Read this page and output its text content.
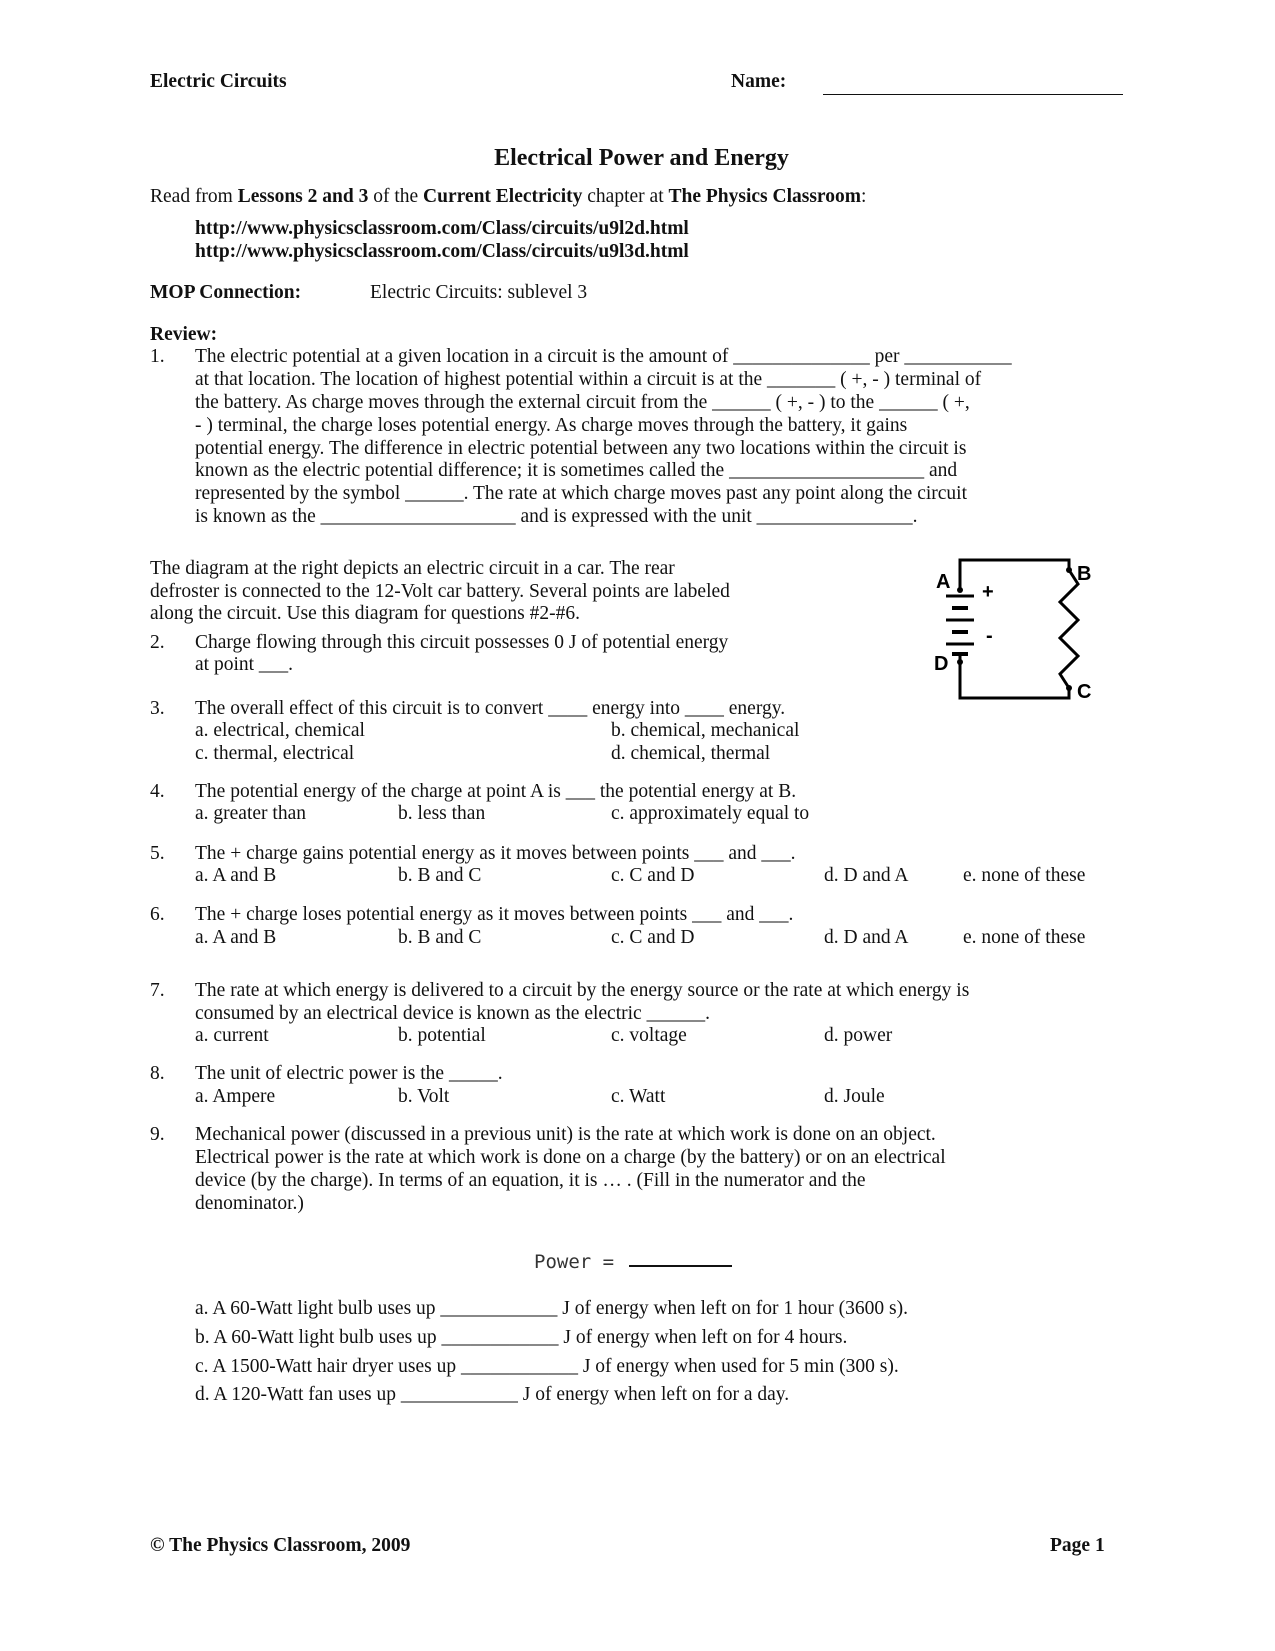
Electric Circuits	Name:
Electrical Power and Energy
Read from Lessons 2 and 3 of the Current Electricity chapter at The Physics Classroom:
http://www.physicsclassroom.com/Class/circuits/u9l2d.html
http://www.physicsclassroom.com/Class/circuits/u9l3d.html
MOP Connection:	Electric Circuits: sublevel 3
Review:
1. The electric potential at a given location in a circuit is the amount of ______________ per ___________
at that location. The location of highest potential within a circuit is at the _______ ( +, - ) terminal of
the battery. As charge moves through the external circuit from the ______ ( +, - ) to the ______ ( +,
- ) terminal, the charge loses potential energy. As charge moves through the battery, it gains
potential energy. The difference in electric potential between any two locations within the circuit is
known as the electric potential difference; it is sometimes called the ____________________ and
represented by the symbol ______. The rate at which charge moves past any point along the circuit
is known as the ____________________ and is expressed with the unit ________________.
The diagram at the right depicts an electric circuit in a car. The rear
defroster is connected to the 12-Volt car battery. Several points are labeled
along the circuit. Use this diagram for questions #2-#6.
A	B
C
D
+
-
2. Charge flowing through this circuit possesses 0 J of potential energy
at point ___.
3. The overall effect of this circuit is to convert ____ energy into ____ energy.
a. electrical, chemical	b. chemical, mechanical
c. thermal, electrical	d. chemical, thermal
4. The potential energy of the charge at point A is ___ the potential energy at B.
a. greater than	b. less than	c. approximately equal to
5. The + charge gains potential energy as it moves between points ___ and ___.
a. A and B	b. B and C	c. C and D	d. D and A	e. none of these
6. The + charge loses potential energy as it moves between points ___ and ___.
a. A and B	b. B and C	c. C and D	d. D and A	e. none of these
7. The rate at which energy is delivered to a circuit by the energy source or the rate at which energy is
consumed by an electrical device is known as the electric ______.
a. current	b. potential	c. voltage	d. power
8. The unit of electric power is the _____.
a. Ampere	b. Volt	c. Watt	d. Joule
9. Mechanical power (discussed in a previous unit) is the rate at which work is done on an object.
Electrical power is the rate at which work is done on a charge (by the battery) or on an electrical
device (by the charge). In terms of an equation, it is … . (Fill in the numerator and the
denominator.)
Power =
a. A 60-Watt light bulb uses up ____________ J of energy when left on for 1 hour (3600 s).
b. A 60-Watt light bulb uses up ____________ J of energy when left on for 4 hours.
c. A 1500-Watt hair dryer uses up ____________ J of energy when used for 5 min (300 s).
d. A 120-Watt fan uses up ____________ J of energy when left on for a day.
© The Physics Classroom, 2009	Page 1
